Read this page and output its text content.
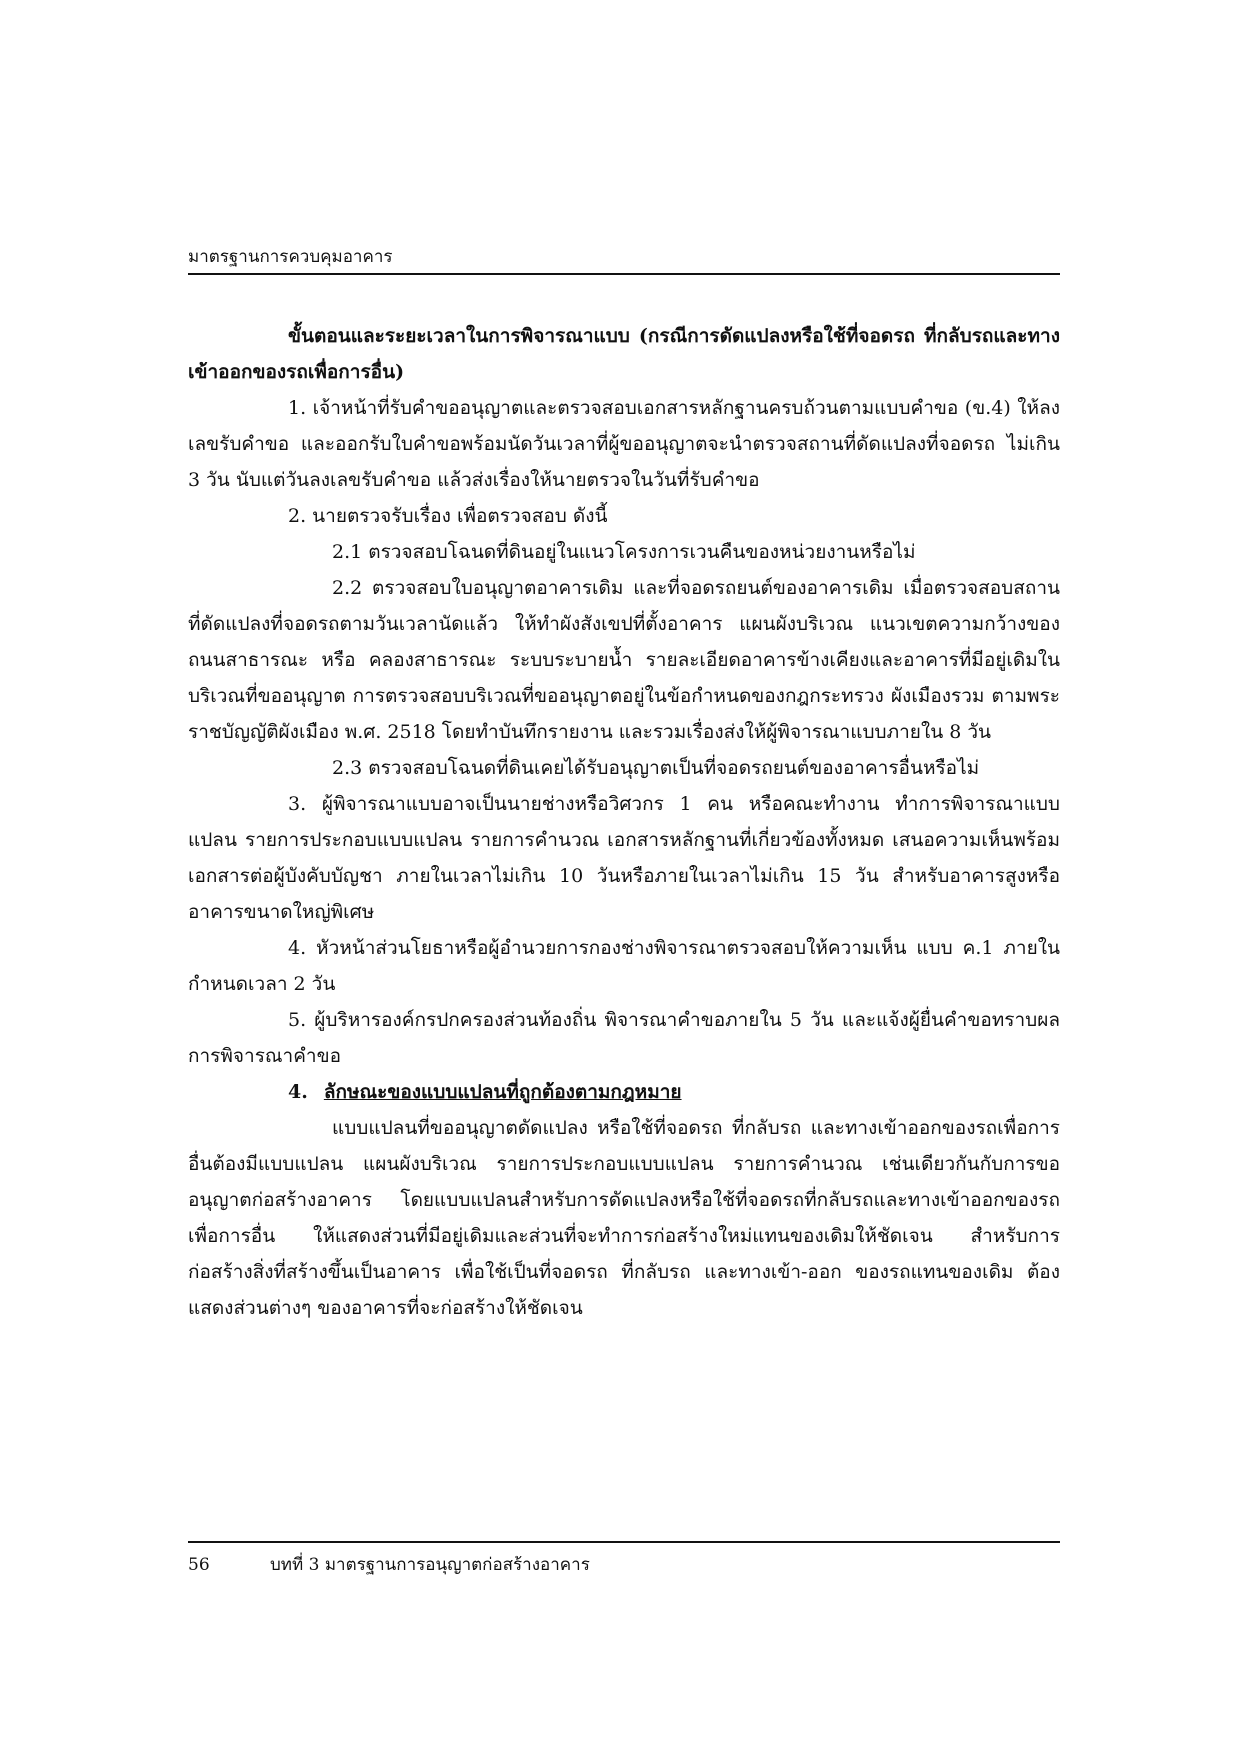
มาตรฐานการควบคุมอาคาร

ขั้นตอนและระยะเวลาในการพิจารณาแบบ (กรณีการดัดแปลงหรือใช้ที่จอดรถ ที่กลับรถและทางเข้าออกของรถเพื่อการอื่น)

1. เจ้าหน้าที่รับคำขออนุญาตและตรวจสอบเอกสารหลักฐานครบถ้วนตามแบบคำขอ (ข.4) ให้ลงเลขรับคำขอ และออกรับใบคำขอพร้อมนัดวันเวลาที่ผู้ขออนุญาตจะนำตรวจสถานที่ดัดแปลงที่จอดรถ ไม่เกิน 3 วัน นับแต่วันลงเลขรับคำขอ แล้วส่งเรื่องให้นายตรวจในวันที่รับคำขอ

2. นายตรวจรับเรื่อง เพื่อตรวจสอบ ดังนี้

2.1 ตรวจสอบโฉนดที่ดินอยู่ในแนวโครงการเวนคืนของหน่วยงานหรือไม่

2.2 ตรวจสอบใบอนุญาตอาคารเดิม และที่จอดรถยนต์ของอาคารเดิม เมื่อตรวจสอบสถานที่ดัดแปลงที่จอดรถตามวันเวลานัดแล้ว ให้ทำผังสังเขปที่ตั้งอาคาร แผนผังบริเวณ แนวเขตความกว้างของถนนสาธารณะ หรือ คลองสาธารณะ ระบบระบายน้ำ รายละเอียดอาคารข้างเคียงและอาคารที่มีอยู่เดิมในบริเวณที่ขออนุญาต การตรวจสอบบริเวณที่ขออนุญาตอยู่ในข้อกำหนดของกฎกระทรวง ผังเมืองรวม ตามพระราชบัญญัติผังเมือง พ.ศ. 2518 โดยทำบันทึกรายงาน และรวมเรื่องส่งให้ผู้พิจารณาแบบภายใน 8 วัน

2.3 ตรวจสอบโฉนดที่ดินเคยได้รับอนุญาตเป็นที่จอดรถยนต์ของอาคารอื่นหรือไม่

3. ผู้พิจารณาแบบอาจเป็นนายช่างหรือวิศวกร 1 คน หรือคณะทำงาน ทำการพิจารณาแบบแปลน รายการประกอบแบบแปลน รายการคำนวณ เอกสารหลักฐานที่เกี่ยวข้องทั้งหมด เสนอความเห็นพร้อมเอกสารต่อผู้บังคับบัญชา ภายในเวลาไม่เกิน 10 วันหรือภายในเวลาไม่เกิน 15 วัน สำหรับอาคารสูงหรืออาคารขนาดใหญ่พิเศษ

4. หัวหน้าส่วนโยธาหรือผู้อำนวยการกองช่างพิจารณาตรวจสอบให้ความเห็น แบบ ค.1 ภายในกำหนดเวลา 2 วัน

5. ผู้บริหารองค์กรปกครองส่วนท้องถิ่น พิจารณาคำขอภายใน 5 วัน และแจ้งผู้ยื่นคำขอทราบผลการพิจารณาคำขอ

4. ลักษณะของแบบแปลนที่ถูกต้องตามกฎหมาย

แบบแปลนที่ขออนุญาตดัดแปลง หรือใช้ที่จอดรถ ที่กลับรถ และทางเข้าออกของรถเพื่อการอื่นต้องมีแบบแปลน แผนผังบริเวณ รายการประกอบแบบแปลน รายการคำนวณ เช่นเดียวกันกับการขออนุญาตก่อสร้างอาคาร โดยแบบแปลนสำหรับการดัดแปลงหรือใช้ที่จอดรถที่กลับรถและทางเข้าออกของรถเพื่อการอื่น ให้แสดงส่วนที่มีอยู่เดิมและส่วนที่จะทำการก่อสร้างใหม่แทนของเดิมให้ชัดเจน สำหรับการก่อสร้างสิ่งที่สร้างขึ้นเป็นอาคาร เพื่อใช้เป็นที่จอดรถ ที่กลับรถ และทางเข้า-ออก ของรถแทนของเดิม ต้องแสดงส่วนต่างๆ ของอาคารที่จะก่อสร้างให้ชัดเจน

56	บทที่ 3 มาตรฐานการอนุญาตก่อสร้างอาคาร
